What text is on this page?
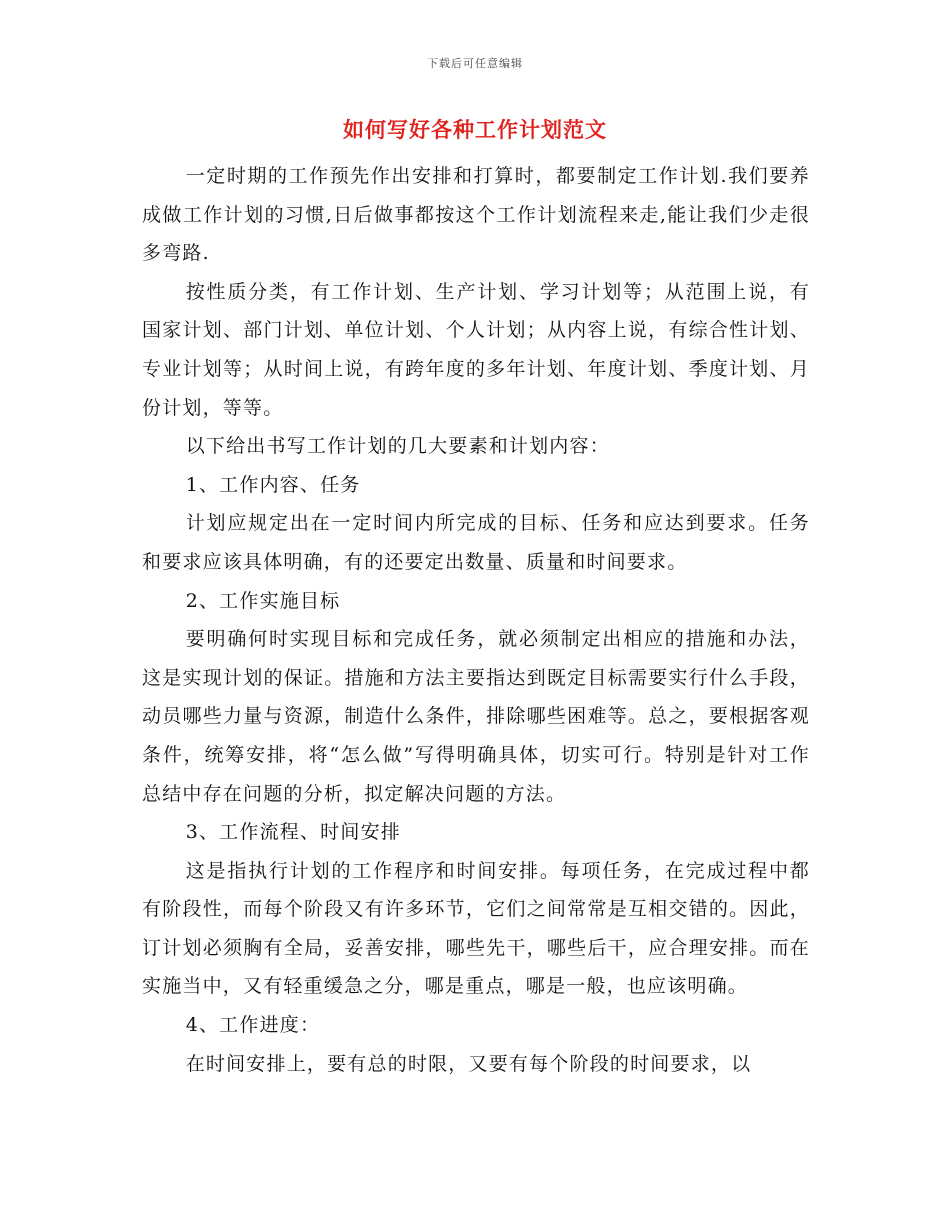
下载后可任意编辑
如何写好各种工作计划范文

一定时期的工作预先作出安排和打算时，都要制定工作计划.我们要养成做工作计划的习惯,日后做事都按这个工作计划流程来走,能让我们少走很多弯路.

按性质分类，有工作计划、生产计划、学习计划等；从范围上说，有国家计划、部门计划、单位计划、个人计划；从内容上说，有综合性计划、专业计划等；从时间上说，有跨年度的多年计划、年度计划、季度计划、月份计划，等等。

以下给出书写工作计划的几大要素和计划内容：

1、工作内容、任务

计划应规定出在一定时间内所完成的目标、任务和应达到要求。任务和要求应该具体明确，有的还要定出数量、质量和时间要求。

2、工作实施目标

要明确何时实现目标和完成任务，就必须制定出相应的措施和办法，这是实现计划的保证。措施和方法主要指达到既定目标需要实行什么手段，动员哪些力量与资源，制造什么条件，排除哪些困难等。总之，要根据客观条件，统筹安排，将“怎么做”写得明确具体，切实可行。特别是针对工作总结中存在问题的分析，拟定解决问题的方法。

3、工作流程、时间安排

这是指执行计划的工作程序和时间安排。每项任务，在完成过程中都有阶段性，而每个阶段又有许多环节，它们之间常常是互相交错的。因此，订计划必须胸有全局，妥善安排，哪些先干，哪些后干，应合理安排。而在实施当中，又有轻重缓急之分，哪是重点，哪是一般，也应该明确。

4、工作进度：

在时间安排上，要有总的时限，又要有每个阶段的时间要求，以
